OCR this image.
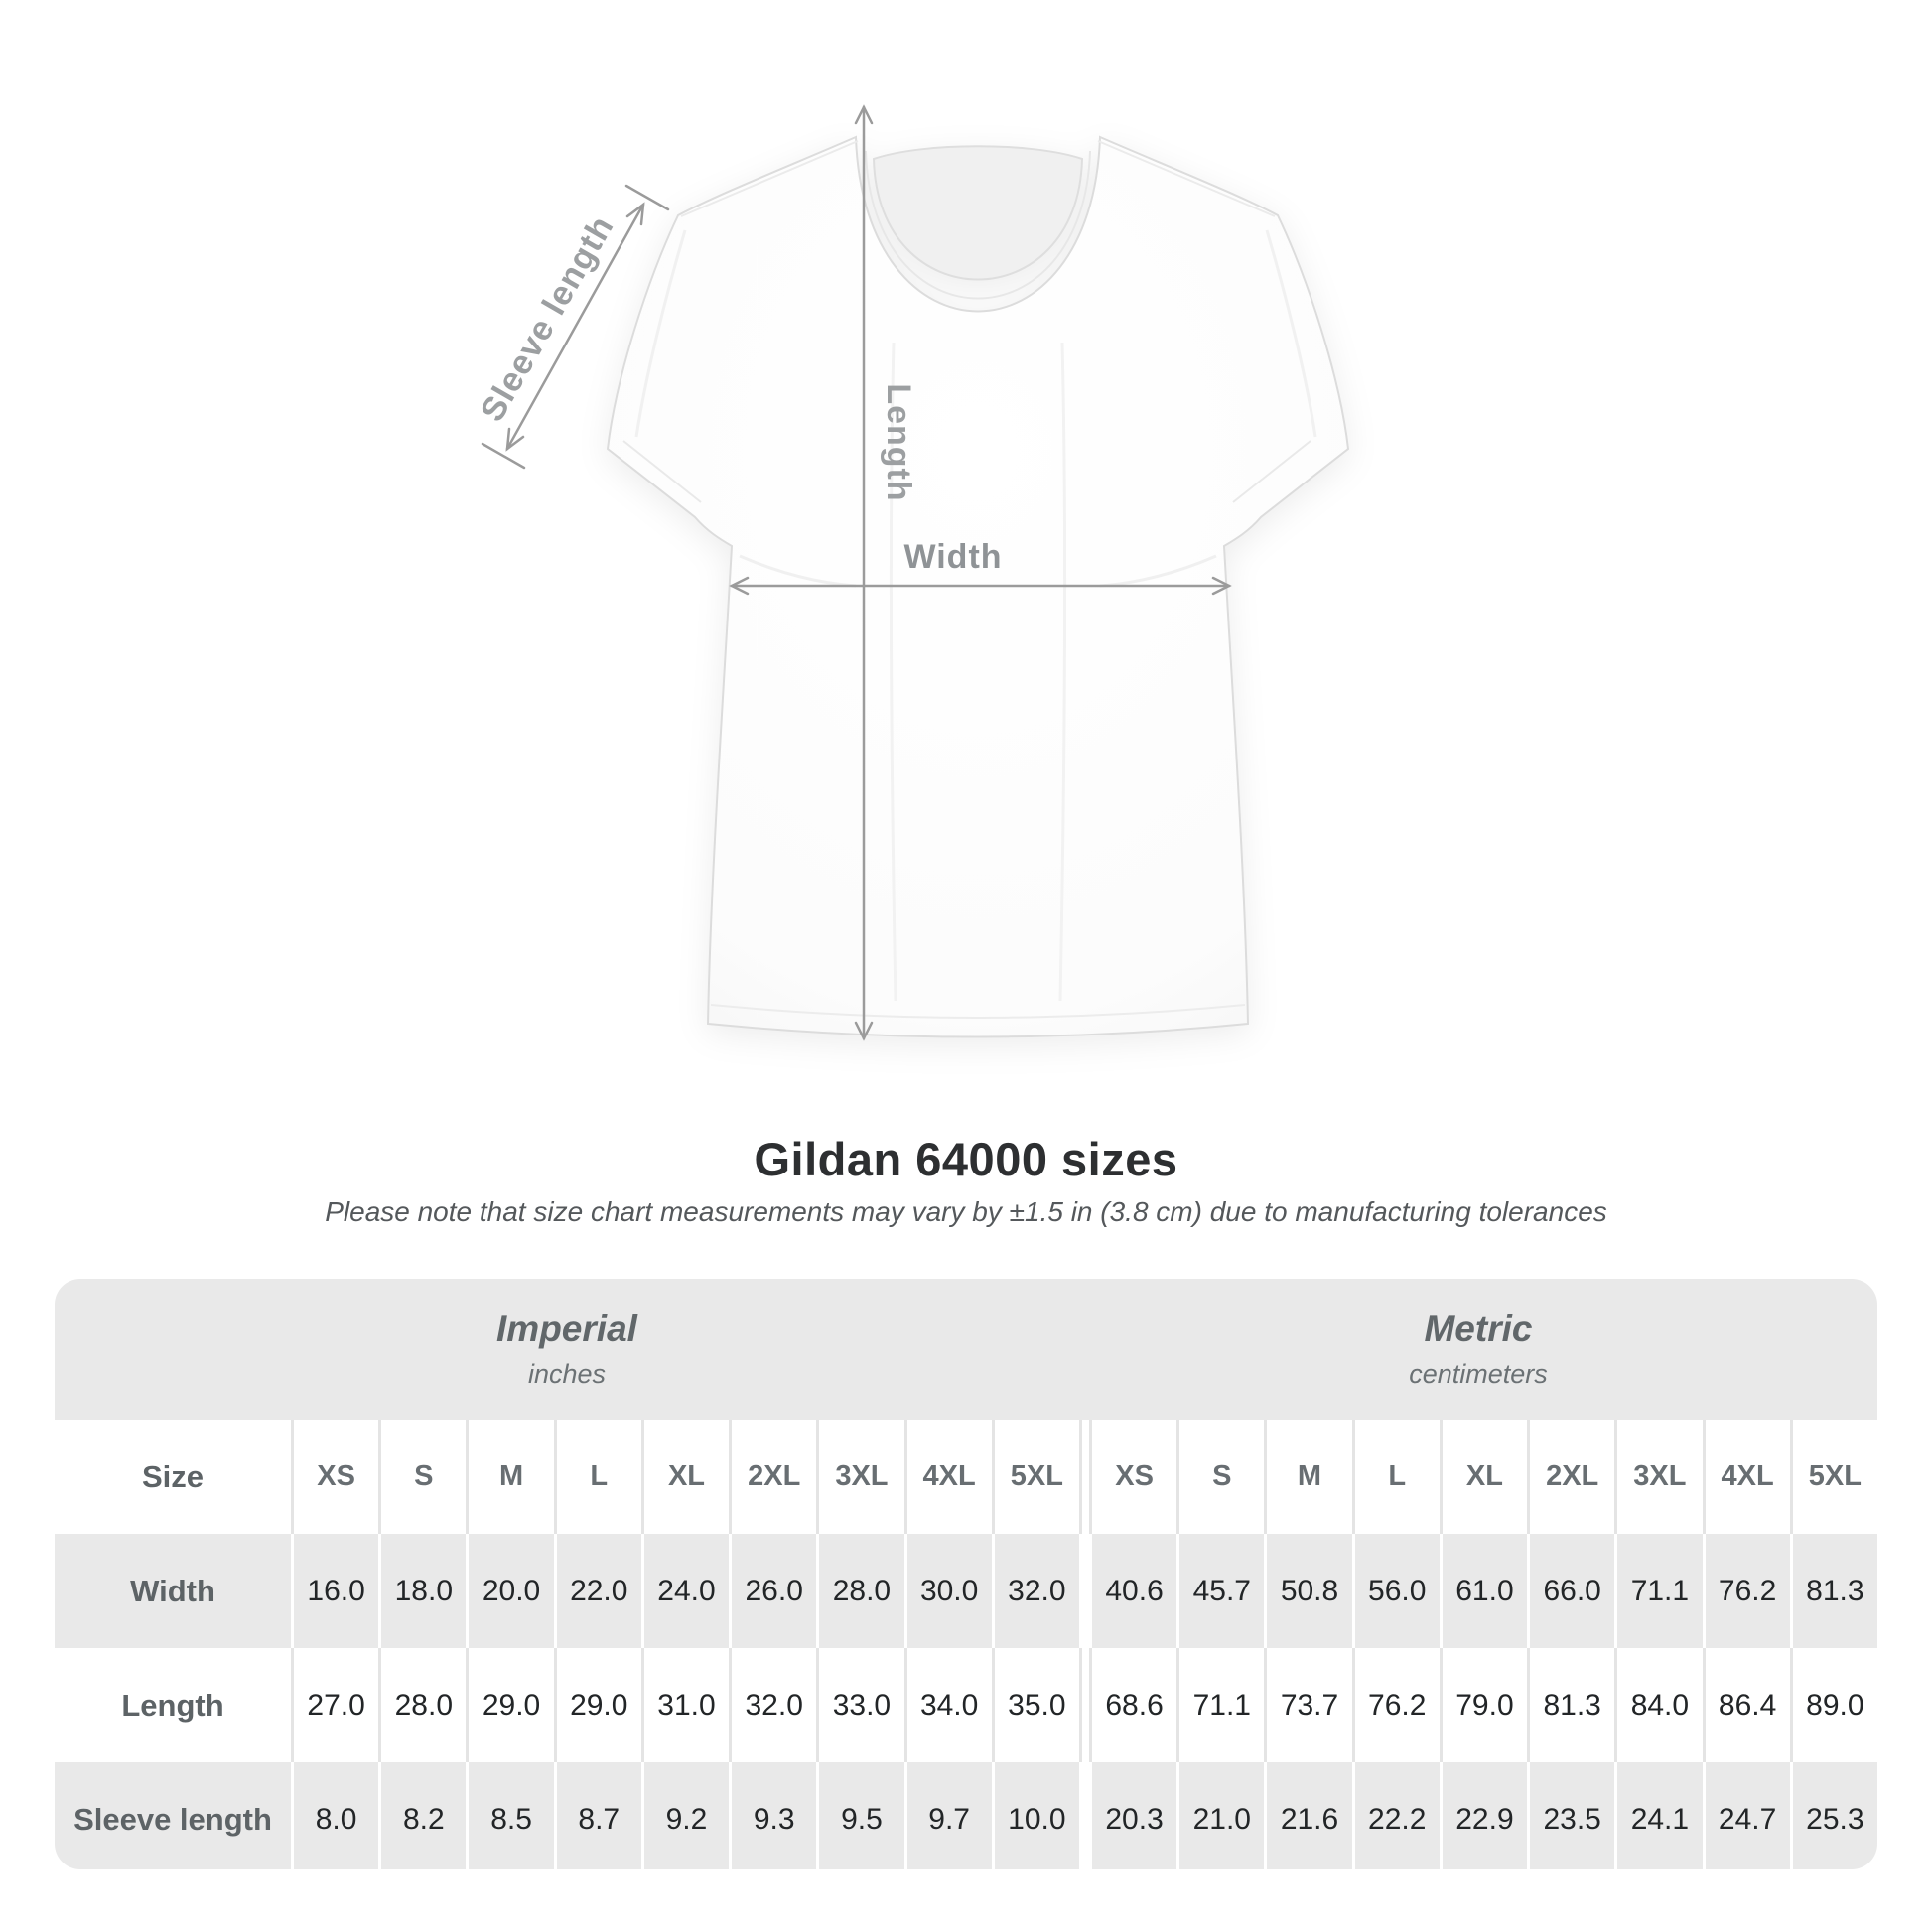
Sleeve length
Length
Width
Gildan 64000 sizes
Please note that size chart measurements may vary by ±1.5 in (3.8 cm) due to manufacturing tolerances
Imperial
inches

Metric
centimeters

Size	XS	S	M	L	XL	2XL	3XL	4XL	5XL		XS	S	M	L	XL	2XL	3XL	4XL	5XL
Width	16.0	18.0	20.0	22.0	24.0	26.0	28.0	30.0	32.0		40.6	45.7	50.8	56.0	61.0	66.0	71.1	76.2	81.3
Length	27.0	28.0	29.0	29.0	31.0	32.0	33.0	34.0	35.0		68.6	71.1	73.7	76.2	79.0	81.3	84.0	86.4	89.0
Sleeve length	8.0	8.2	8.5	8.7	9.2	9.3	9.5	9.7	10.0		20.3	21.0	21.6	22.2	22.9	23.5	24.1	24.7	25.3
